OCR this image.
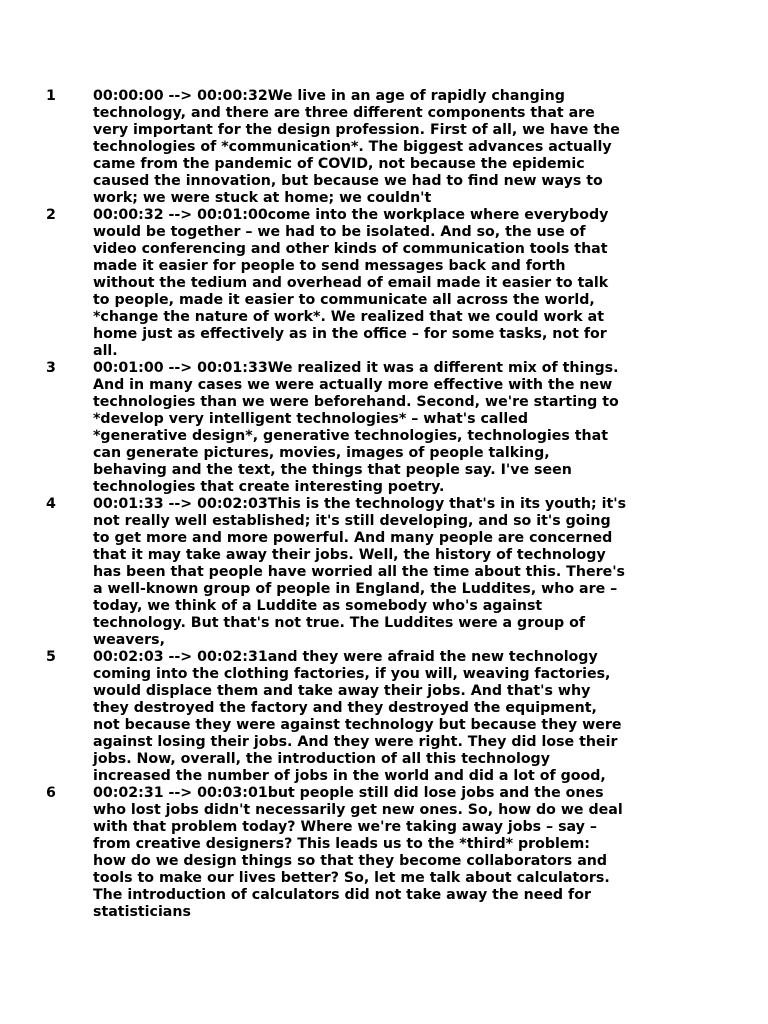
1	00:00:00 --> 00:00:32We live in an age of rapidly changing
technology, and there are three different components that are
very important for the design profession. First of all, we have the
technologies of *communication*. The biggest advances actually
came from the pandemic of COVID, not because the epidemic
caused the innovation, but because we had to find new ways to
work; we were stuck at home; we couldn't
2	00:00:32 --> 00:01:00come into the workplace where everybody
would be together – we had to be isolated. And so, the use of
video conferencing and other kinds of communication tools that
made it easier for people to send messages back and forth
without the tedium and overhead of email made it easier to talk
to people, made it easier to communicate all across the world,
*change the nature of work*. We realized that we could work at
home just as effectively as in the office – for some tasks, not for
all.
3	00:01:00 --> 00:01:33We realized it was a different mix of things.
And in many cases we were actually more effective with the new
technologies than we were beforehand. Second, we're starting to
*develop very intelligent technologies* – what's called
*generative design*, generative technologies, technologies that
can generate pictures, movies, images of people talking,
behaving and the text, the things that people say. I've seen
technologies that create interesting poetry.
4	00:01:33 --> 00:02:03This is the technology that's in its youth; it's
not really well established; it's still developing, and so it's going
to get more and more powerful. And many people are concerned
that it may take away their jobs. Well, the history of technology
has been that people have worried all the time about this. There's
a well-known group of people in England, the Luddites, who are –
today, we think of a Luddite as somebody who's against
technology. But that's not true. The Luddites were a group of
weavers,
5	00:02:03 --> 00:02:31and they were afraid the new technology
coming into the clothing factories, if you will, weaving factories,
would displace them and take away their jobs. And that's why
they destroyed the factory and they destroyed the equipment,
not because they were against technology but because they were
against losing their jobs. And they were right. They did lose their
jobs. Now, overall, the introduction of all this technology
increased the number of jobs in the world and did a lot of good,
6	00:02:31 --> 00:03:01but people still did lose jobs and the ones
who lost jobs didn't necessarily get new ones. So, how do we deal
with that problem today? Where we're taking away jobs – say –
from creative designers? This leads us to the *third* problem:
how do we design things so that they become collaborators and
tools to make our lives better? So, let me talk about calculators.
The introduction of calculators did not take away the need for
statisticians
